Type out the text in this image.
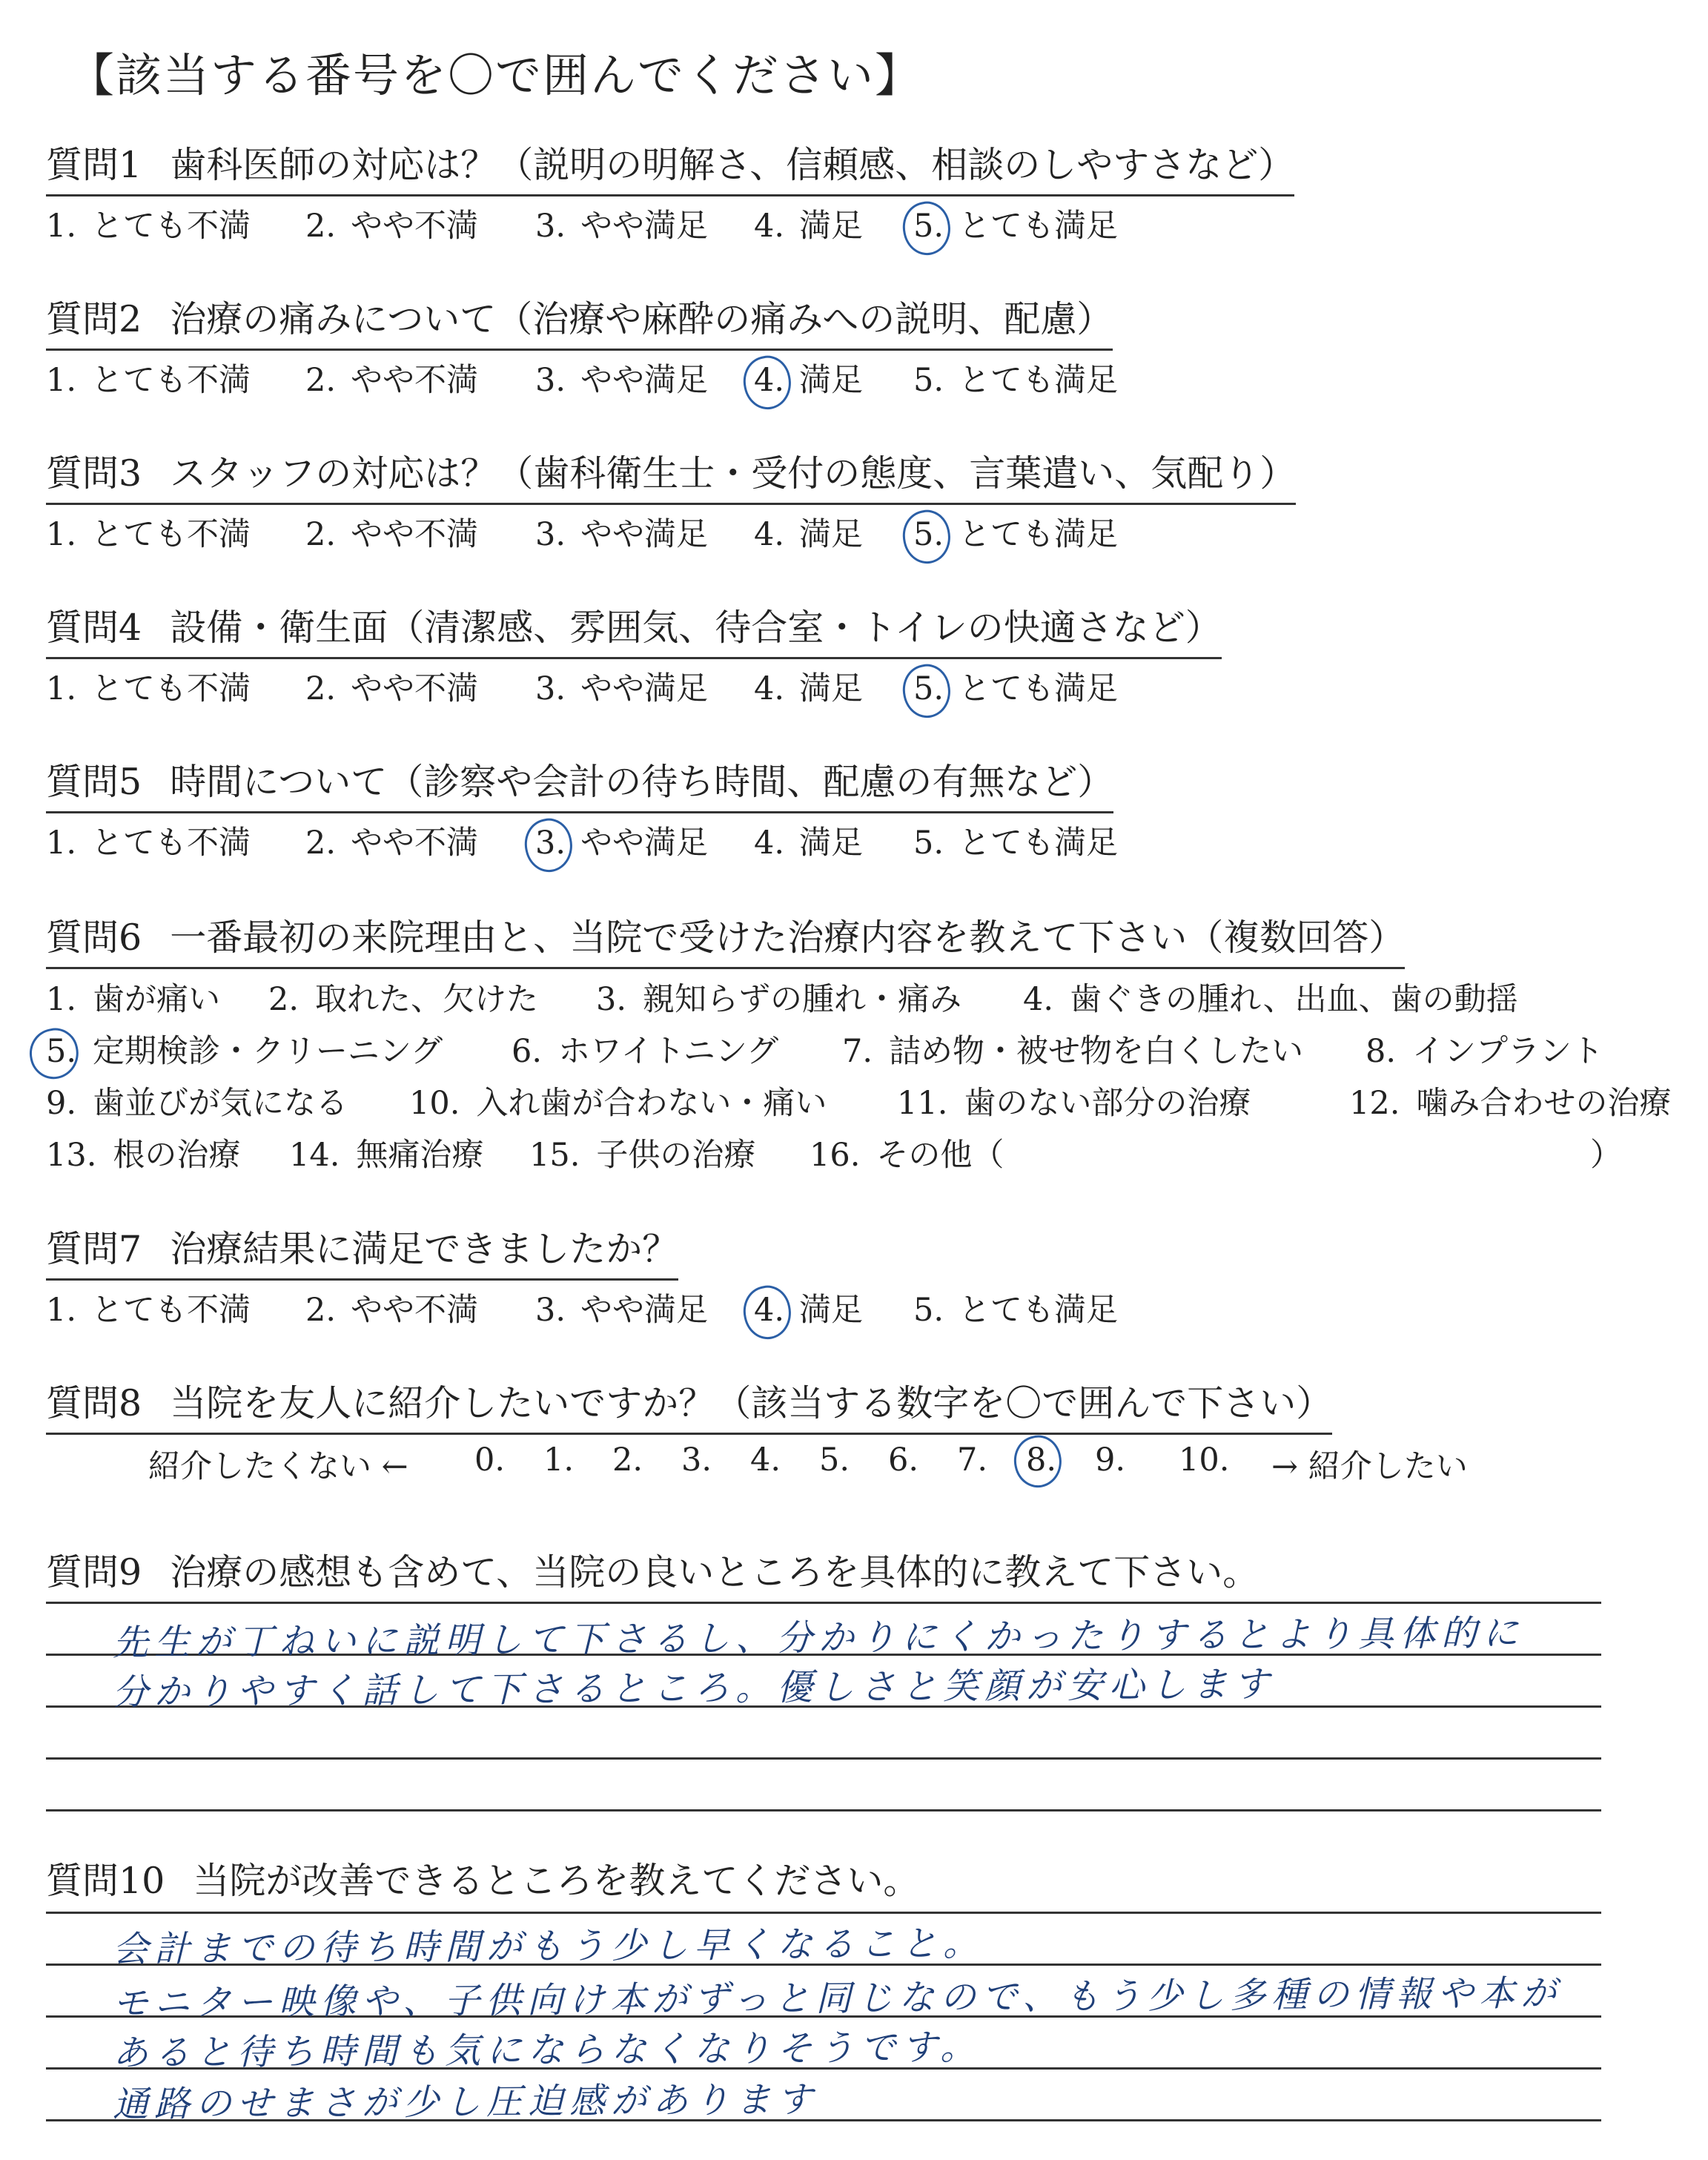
【該当する番号を〇で囲んでください】
質問1 歯科医師の対応は？（説明の明解さ、信頼感、相談のしやすさなど）
1. とても不満 2. やや不満 3. やや満足 4. 満足 5. とても満足
質問2 治療の痛みについて（治療や麻酔の痛みへの説明、配慮）
1. とても不満 2. やや不満 3. やや満足 4. 満足 5. とても満足
質問3 スタッフの対応は？（歯科衛生士・受付の態度、言葉遣い、気配り）
1. とても不満 2. やや不満 3. やや満足 4. 満足 5. とても満足
質問4 設備・衛生面（清潔感、雰囲気、待合室・トイレの快適さなど）
1. とても不満 2. やや不満 3. やや満足 4. 満足 5. とても満足
質問5 時間について（診察や会計の待ち時間、配慮の有無など）
1. とても不満 2. やや不満 3. やや満足 4. 満足 5. とても満足
質問7 治療結果に満足できましたか？
1. とても不満 2. やや不満 3. やや満足 4. 満足 5. とても満足
質問6 一番最初の来院理由と、当院で受けた治療内容を教えて下さい（複数回答）
1. 歯が痛い 2. 取れた、欠けた 3. 親知らずの腫れ・痛み 4. 歯ぐきの腫れ、出血、歯の動揺
5. 定期検診・クリーニング 6. ホワイトニング 7. 詰め物・被せ物を白くしたい 8. インプラント
9. 歯並びが気になる 10. 入れ歯が合わない・痛い 11. 歯のない部分の治療	12. 噛み合わせの治療
13. 根の治療 14. 無痛治療 15. 子供の治療 16. その他（	）
質問8 当院を友人に紹介したいですか？（該当する数字を〇で囲んで下さい）
紹介したくない ←	→ 紹介したい
0. 1. 2. 3. 4. 5. 6. 7. 8. 9. 10.
質問9 治療の感想も含めて、当院の良いところを具体的に教えて下さい。
先生が丁ねいに説明して下さるし、分かりにくかったりするとより具体的に
分かりやすく話して下さるところ。優しさと笑顔が安心します
質問10 当院が改善できるところを教えてください。
会計までの待ち時間がもう少し早くなること。
モニター映像や、子供向け本がずっと同じなので、もう少し多種の情報や本が
あると待ち時間も気にならなくなりそうです。
通路のせまさが少し圧迫感があります
